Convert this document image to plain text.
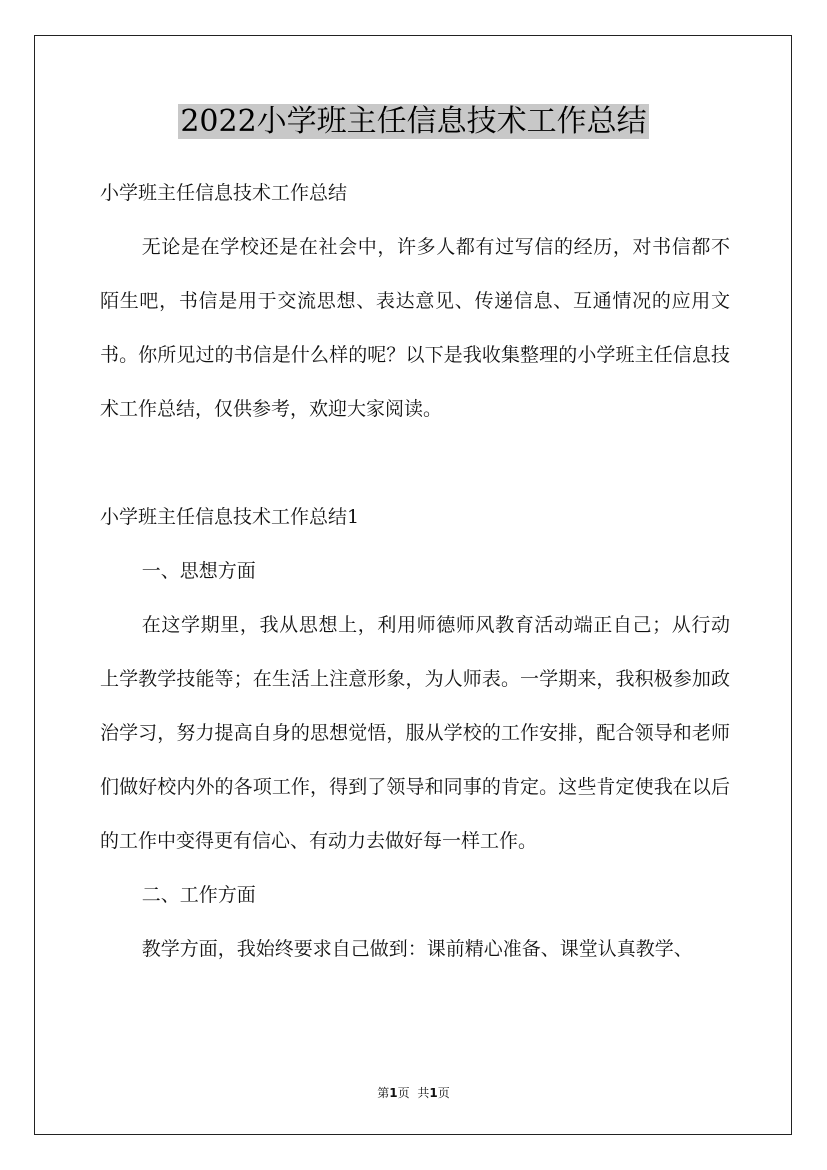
2022小学班主任信息技术工作总结

小学班主任信息技术工作总结

无论是在学校还是在社会中，许多人都有过写信的经历，对书信都不陌生吧，书信是用于交流思想、表达意见、传递信息、互通情况的应用文书。你所见过的书信是什么样的呢？以下是我收集整理的小学班主任信息技术工作总结，仅供参考，欢迎大家阅读。

小学班主任信息技术工作总结1

一、思想方面

在这学期里，我从思想上，利用师德师风教育活动端正自己；从行动上学教学技能等；在生活上注意形象，为人师表。一学期来，我积极参加政治学习，努力提高自身的思想觉悟，服从学校的工作安排，配合领导和老师们做好校内外的各项工作，得到了领导和同事的肯定。这些肯定使我在以后的工作中变得更有信心、有动力去做好每一样工作。

二、工作方面

教学方面，我始终要求自己做到：课前精心准备、课堂认真教学、

第1页 共1页
